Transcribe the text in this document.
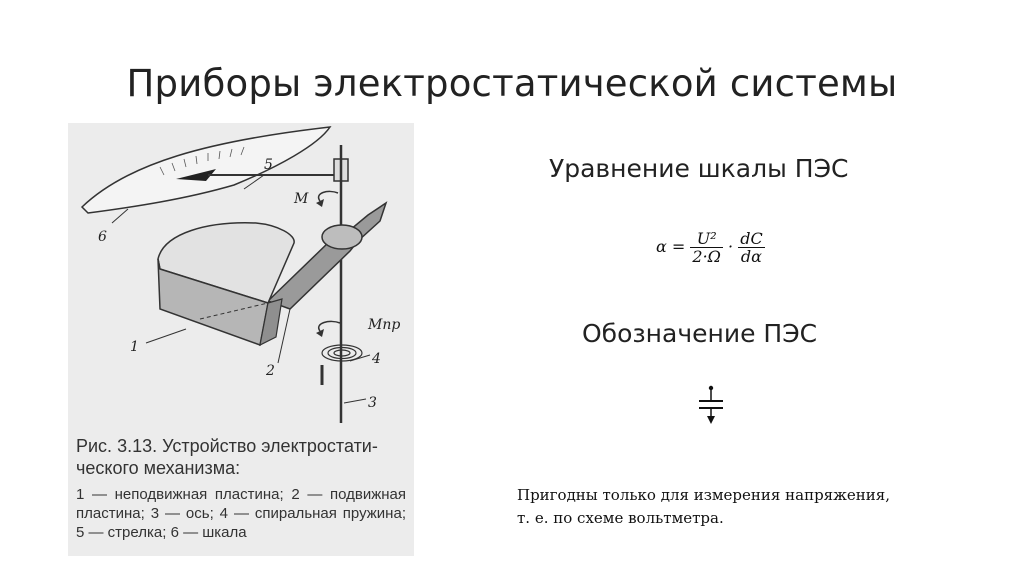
Приборы электростатической системы
M
Mпр
1
2
3
4
5
6
Рис. 3.13. Устройство электростати-ческого механизма:
1 — неподвижная пластина; 2 — подвижная пластина; 3 — ось; 4 — спиральная пружина; 5 — стрелка; 6 — шкала
Уравнение шкалы ПЭС
$\alpha = \frac{\text{U²}}{2\cdot\Omega} \cdot \frac{dC}{d\alpha}$
Обозначение ПЭС
Пригодны только для измерения напряжения, т. е. по схеме вольтметра.
